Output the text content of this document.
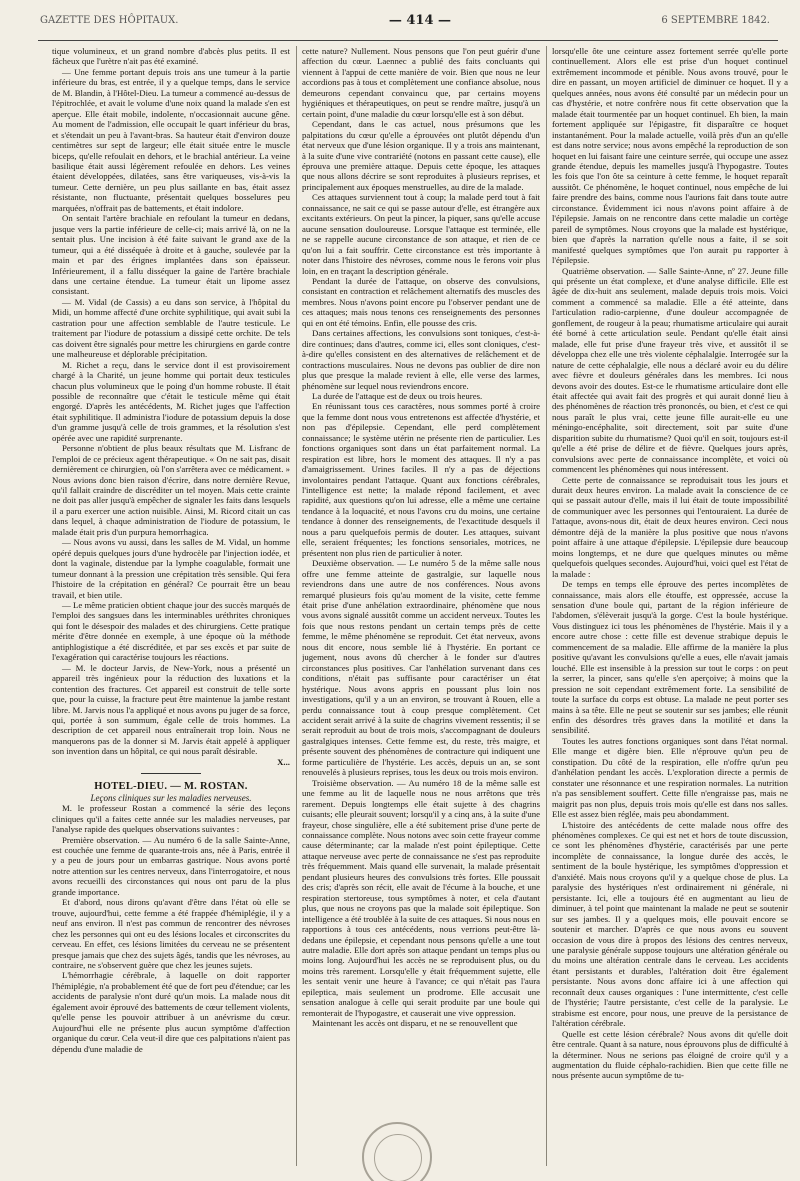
GAZETTE DES HÔPITAUX.	— 414 —	6 SEPTEMBRE 1842.

tique volumineux, et un grand nombre d'abcès plus petits. Il est fâcheux que l'urètre n'ait pas été examiné.

— Une femme portant depuis trois ans une tumeur à la partie inférieure du bras, est entrée, il y a quelque temps, dans le service de M. Blandin, à l'Hôtel-Dieu. La tumeur a commencé au-dessus de l'épitrochlée, et avait le volume d'une noix quand la malade s'en est aperçue. Elle était mobile, indolente, n'occasionnait aucune gêne. Au moment de l'admission, elle occupait le quart inférieur du bras, et s'étendait un peu à l'avant-bras. Sa hauteur était d'environ douze centimètres sur sept de largeur; elle était située entre le muscle biceps, qu'elle refoulait en dehors, et le brachial antérieur. La veine basilique était aussi légèrement refoulée en dehors. Les veines étaient développées, dilatées, sans être variqueuses, vis-à-vis la tumeur. Cette dernière, un peu plus saillante en bas, était assez résistante, non fluctuante, présentait quelques bosselures peu marquées, n'offrait pas de battements, et était indolore.

On sentait l'artère brachiale en refoulant la tumeur en dedans, jusque vers la partie inférieure de celle-ci; mais arrivé là, on ne la sentait plus. Une incision à été faite suivant le grand axe de la tumeur, qui a été disséquée à droite et à gauche, soulevée par la main et par des érignes implantées dans son épaisseur. Inférieurement, il a fallu disséquer la gaine de l'artère brachiale dans une certaine étendue. La tumeur était un lipome assez consistant.

— M. Vidal (de Cassis) a eu dans son service, à l'hôpital du Midi, un homme affecté d'une orchite syphilitique, qui avait subi la castration pour une affection semblable de l'autre testicule. Le traitement par l'iodure de potassium a dissipé cette orchite. De tels cas doivent être signalés pour mettre les chirurgiens en garde contre une malheureuse et déplorable précipitation.

M. Richet a reçu, dans le service dont il est provisoirement chargé à la Charité, un jeune homme qui portait deux testicules chacun plus volumineux que le poing d'un homme robuste. Il était possible de reconnaître que c'était le testicule même qui était engorgé. D'après les antécédents, M. Richet juges que l'affection était syphilitique. Il administra l'iodure de potassium depuis la dose d'un gramme jusqu'à celle de trois grammes, et la résolution s'est opérée avec une rapidité surprenante.

Personne n'obtient de plus beaux résultats que M. Lisfranc de l'emploi de ce précieux agent thérapeutique. « On ne sait pas, disait dernièrement ce chirurgien, où l'on s'arrêtera avec ce médicament. » Nous avions donc bien raison d'écrire, dans notre dernière Revue, qu'il fallait craindre de discréditer un tel moyen. Mais cette crainte ne doit pas aller jusqu'à empêcher de signaler les faits dans lesquels il a paru exercer une action nuisible. Ainsi, M. Ricord citait un cas dans lequel, à chaque administration de l'iodure de potassium, le malade était pris d'un purpura hemorrhagica.

— Nous avons vu aussi, dans les salles de M. Vidal, un homme opéré depuis quelques jours d'une hydrocèle par l'injection iodée, et dont la vaginale, distendue par la lymphe coagulable, formait une tumeur donnant à la pression une crépitation très sensible. Qui fera l'histoire de la crépitation en général? Ce pourrait être un beau travail, et bien utile.

— Le même praticien obtient chaque jour des succès marqués de l'emploi des sangsues dans les interminables uréthrites chroniques qui font le désespoir des malades et des chirurgiens. Cette pratique mérite d'être donnée en exemple, à une époque où la méthode antiphlogistique a été discréditée, et par ses excès et par suite de l'exagération qui caractérise toujours les réactions.

— M. le docteur Jarvis, de New-York, nous a présenté un appareil très ingénieux pour la réduction des luxations et la contention des fractures. Cet appareil est construit de telle sorte que, pour la cuisse, la fracture peut être maintenue la jambe restant libre. M. Jarvis nous l'a appliqué et nous avons pu juger de sa force, qui, portée à son summum, égale celle de trois hommes. La description de cet appareil nous entraînerait trop loin. Nous ne manquerons pas de la donner si M. Jarvis était appelé à appliquer son invention dans un hôpital, ce qui nous paraît désirable.

X...

HOTEL-DIEU. — M. ROSTAN.

Leçons cliniques sur les maladies nerveuses.

M. le professeur Rostan a commencé la série des leçons cliniques qu'il a faites cette année sur les maladies nerveuses, par l'analyse rapide des quelques observations suivantes :

Première observation. — Au numéro 6 de la salle Sainte-Anne, est couchée une femme de quarante-trois ans, née à Paris, entrée il y a peu de jours pour un embarras gastrique. Nous avons porté notre attention sur les centres nerveux, dans l'interrogatoire, et nous avons recueilli des circonstances qui nous ont paru de la plus grande importance.

Et d'abord, nous dirons qu'avant d'être dans l'état où elle se trouve, aujourd'hui, cette femme a été frappée d'hémiplégie, il y a neuf ans environ. Il n'est pas commun de rencontrer des névroses chez les personnes qui ont eu des lésions locales et circonscrites du cerveau. En effet, ces lésions limitées du cerveau ne se présentent presque jamais que chez des sujets âgés, tandis que les névroses, au contraire, ne s'observent guère que chez les jeunes sujets.

L'hémorrhagie cérébrale, à laquelle on doit rapporter l'hémiplégie, n'a probablement été que de fort peu d'étendue; car les accidents de paralysie n'ont duré qu'un mois. La malade nous dit également avoir éprouvé des battements de cœur tellement violents, qu'elle pense les pouvoir attribuer à un anévrisme du cœur. Aujourd'hui elle ne présente plus aucun symptôme d'affection organique du cœur. Cela veut-il dire que ces palpitations n'aient pas dépendu d'une maladie de

cette nature? Nullement. Nous pensons que l'on peut guérir d'une affection du cœur. Laennec a publié des faits concluants qui viennent à l'appui de cette manière de voir. Bien que nous ne leur accordions pas à tous et complètement une confiance absolue, nous demeurons cependant convaincu que, par certains moyens hygiéniques et thérapeutiques, on peut se rendre maître, jusqu'à un certain point, d'une maladie du cœur lorsqu'elle est à son début.

Cependant, dans le cas actuel, nous présumons que les palpitations du cœur qu'elle a éprouvées ont plutôt dépendu d'un état nerveux que d'une lésion organique. Il y a trois ans maintenant, à la suite d'une vive contrariété (notons en passant cette cause), elle éprouva une première attaque. Depuis cette époque, les attaques que nous allons décrire se sont reproduites à plusieurs reprises, et principalement aux époques menstruelles, au dire de la malade.

Ces attaques surviennent tout à coup; la malade perd tout à fait connaissance, ne sait ce qui se passe autour d'elle, est étrangère aux excitants extérieurs. On peut la pincer, la piquer, sans qu'elle accuse aucune sensation douloureuse. Lorsque l'attaque est terminée, elle ne se rappelle aucune circonstance de son attaque, et rien de ce qu'on lui a fait souffrir. Cette circonstance est très importante à noter dans l'histoire des névroses, comme nous le ferons voir plus loin, en en traçant la description générale.

Pendant la durée de l'attaque, on observe des convulsions, consistant en contraction et relâchement alternatifs des muscles des membres. Nous n'avons point encore pu l'observer pendant une de ces attaques; mais nous tenons ces renseignements des personnes qui en ont été témoins. Enfin, elle pousse des cris.

Dans certaines affections, les convulsions sont toniques, c'est-à-dire continues; dans d'autres, comme ici, elles sont cloniques, c'est-à-dire qu'elles consistent en des alternatives de relâchement et de contractions musculaires. Nous ne devons pas oublier de dire non plus que presque la malade revient à elle, elle verse des larmes, phénomène sur lequel nous reviendrons encore.

La durée de l'attaque est de deux ou trois heures.

En réunissant tous ces caractères, nous sommes porté à croire que la femme dont nous vous entretenons est affectée d'hystérie, et non pas d'épilepsie. Cependant, elle perd complètement connaissance; le système utérin ne présente rien de particulier. Les fonctions organiques sont dans un état parfaitement normal. La respiration est libre, hors le moment des attaques. Il n'y a pas d'amaigrissement. Urines faciles. Il n'y a pas de déjections involontaires pendant l'attaque. Quant aux fonctions cérébrales, l'intelligence est nette; la malade répond facilement, et avec rapidité, aux questions qu'on lui adresse, elle a même une certaine tendance à la loquacité, et nous l'avons cru du moins, une certaine tendance à donner des renseignements, de l'exactitude desquels il nous a paru quelquefois permis de douter. Les attaques, suivant elle, seraient fréquentes; les fonctions sensoriales, motrices, ne présentent non plus rien de particulier à noter.

Deuxième observation. — Le numéro 5 de la même salle nous offre une femme atteinte de gastralgie, sur laquelle nous reviendrons dans une autre de nos conférences. Nous avons remarqué plusieurs fois qu'au moment de la visite, cette femme était prise d'une anhélation extraordinaire, phénomène que nous vous avons signalé aussitôt comme un accident nerveux. Toutes les fois que nous restons pendant un certain temps près de cette femme, le même phénomène se reproduit. Cet état nerveux, avons nous dit encore, nous semble lié à l'hystérie. En portant ce jugement, nous avons dû chercher à le fonder sur d'autres circonstances plus positives. Car l'anhélation survenant dans ces conditions, n'était pas suffisante pour caractériser un état hystérique. Nous avons appris en poussant plus loin nos investigations, qu'il y a un an environ, se trouvant à Rouen, elle a perdu connaissance tout à coup presque complètement. Cet accident serait arrivé à la suite de chagrins vivement ressentis; il se serait reproduit au bout de trois mois, s'accompagnant de douleurs gastralgiques intenses. Cette femme est, du reste, très maigre, et présente souvent des phénomènes de contracture qui indiquent une forme particulière de l'hystérie. Les accès, depuis un an, se sont renouvelés à plusieurs reprises, tous les deux ou trois mois environ.

Troisième observation. — Au numéro 18 de la même salle est une femme au lit de laquelle nous ne nous arrêtons que très rarement. Depuis longtemps elle était sujette à des chagrins cuisants; elle pleurait souvent; lorsqu'il y a cinq ans, à la suite d'une frayeur, chose singulière, elle a été subitement prise d'une perte de connaissance complète. Nous notons avec soin cette frayeur comme cause déterminante; car la malade n'est point épileptique. Cette attaque nerveuse avec perte de connaissance ne s'est pas reproduite très fréquemment. Mais quand elle survenait, la malade présentait pendant plusieurs heures des convulsions très fortes. Elle poussait des cris; d'après son récit, elle avait de l'écume à la bouche, et une respiration stertoreuse, tous symptômes à noter, et cela d'autant plus, que nous ne croyons pas que la malade soit épileptique. Son intelligence a été troublée à la suite de ces attaques. Si nous nous en rapportions à tous ces antécédents, nous verrions peut-être là-dedans une épilepsie, et cependant nous pensons qu'elle a une tout autre maladie. Elle dort après son attaque pendant un temps plus ou moins long. Aujourd'hui les accès ne se reproduisent plus, ou du moins très rarement. Lorsqu'elle y était fréquemment sujette, elle les sentait venir une heure à l'avance; ce qui n'était pas l'aura epileptica, mais seulement un prodrome. Elle accusait une sensation analogue à celle qui serait produite par une boule qui remonterait de l'hypogastre, et causerait une vive oppression.

Maintenant les accès ont disparu, et ne se renouvellent que

lorsqu'elle ôte une ceinture assez fortement serrée qu'elle porte continuellement. Alors elle est prise d'un hoquet continuel extrêmement incommode et pénible. Nous avons trouvé, pour le dire en passant, un moyen artificiel de diminuer ce hoquet. Il y a quelques années, nous avons été consulté par un médecin pour un cas d'hystérie, et notre confrère nous fit cette observation que la malade était tourmentée par un hoquet continuel. Eh bien, la main fortement appliquée sur l'épigastre, fit disparaître ce hoquet instantanément. Pour la malade actuelle, voilà près d'un an qu'elle est dans notre service; nous avons empêché la reproduction de son hoquet en lui faisant faire une ceinture serrée, qui occupe une assez grande étendue, depuis les mamelles jusqu'à l'hypogastre. Toutes les fois que l'on ôte sa ceinture à cette femme, le hoquet reparaît aussitôt. Ce phénomène, le hoquet continuel, nous empêche de lui faire prendre des bains, comme nous l'aurions fait dans toute autre circonstance. Évidemment ici nous n'avons point affaire à de l'épilepsie. Jamais on ne rencontre dans cette maladie un cortège pareil de symptômes. Nous croyons que la malade est hystérique, bien que d'après la narration qu'elle nous a faite, il se soit manifesté quelques symptômes que l'on aurait pu rapporter à l'épilepsie.

Quatrième observation. — Salle Sainte-Anne, nº 27. Jeune fille qui présente un état complexe, et d'une analyse difficile. Elle est âgée de dix-huit ans seulement, malade depuis trois mois. Voici comment a commencé sa maladie. Elle a été atteinte, dans l'articulation radio-carpienne, d'une douleur accompagnée de gonflement, de rougeur à la peau; rhumatisme articulaire qui aurait été borné à cette articulation seule. Pendant qu'elle était ainsi malade, elle fut prise d'une frayeur très vive, et aussitôt il se développa chez elle une très violente céphalalgie. Interrogée sur la nature de cette céphalalgie, elle nous a déclaré avoir eu du délire avec fièvre et douleurs générales dans les membres. Ici nous devons avoir des doutes. Est-ce le rhumatisme articulaire dont elle était affectée qui avait fait des progrès et qui aurait donné lieu à des phénomènes de réaction très prononcés, ou bien, et c'est ce qui nous paraît le plus vrai, cette jeune fille aurait-elle eu une méningo-encéphalite, soit directement, soit par suite d'une disparition subite du rhumatisme? Quoi qu'il en soit, toujours est-il qu'elle a été prise de délire et de fièvre. Quelques jours après, convulsions avec perte de connaissance incomplète, et voici où commencent les phénomènes qui nous intéressent.

Cette perte de connaissance se reproduisait tous les jours et durait deux heures environ. La malade avait la conscience de ce qui se passait autour d'elle, mais il lui était de toute impossibilité de communiquer avec les personnes qui l'entouraient. La durée de l'attaque, avons-nous dit, était de deux heures environ. Ceci nous démontre déjà de la manière la plus positive que nous n'avons point affaire à une attaque d'épilepsie. L'épilepsie dure beaucoup moins longtemps, et ne dure que quelques minutes ou même quelquefois quelques secondes. Aujourd'hui, voici quel est l'état de la malade :

De temps en temps elle éprouve des pertes incomplètes de connaissance, mais alors elle étouffe, est oppressée, accuse la sensation d'une boule qui, partant de la région inférieure de l'abdomen, s'élèverait jusqu'à la gorge. C'est la boule hystérique. Vous distinguez ici tous les phénomènes de l'hystérie. Mais il y a encore autre chose : cette fille est devenue strabique depuis le commencement de sa maladie. Elle affirme de la manière la plus positive qu'avant les convulsions qu'elle a eues, elle n'avait jamais louché. Elle est insensible à la pression sur tout le corps : on peut la serrer, la pincer, sans qu'elle s'en aperçoive; à moins que la pression ne soit cependant extrêmement forte. La sensibilité de toute la surface du corps est obtuse. La malade ne peut porter ses mains à sa tête. Elle ne peut se soutenir sur ses jambes; elle réunit enfin des désordres très graves dans la motilité et dans la sensibilité.

Toutes les autres fonctions organiques sont dans l'état normal. Elle mange et digère bien. Elle n'éprouve qu'un peu de constipation. Du côté de la respiration, elle n'offre qu'un peu d'anhélation pendant les accès. L'exploration directe a permis de constater une résonnance et une respiration normales. La nutrition n'a pas sensiblement souffert. Cette fille n'engraisse pas, mais ne maigrit pas non plus, depuis trois mois qu'elle est dans nos salles. Elle est assez bien réglée, mais peu abondamment.

L'histoire des antécédents de cette malade nous offre des phénomènes complexes. Ce qui est net et hors de toute discussion, ce sont les phénomènes d'hystérie, caractérisés par une perte incomplète de connaissance, la longue durée des accès, le sentiment de la boule hystérique, les symptômes d'oppression et d'anxiété. Mais nous croyons qu'il y a quelque chose de plus. La paralysie des hystériques n'est ordinairement ni générale, ni persistante. Ici, elle a toujours été en augmentant au lieu de diminuer, à tel point que maintenant la malade ne peut se soutenir sur ses jambes. Il y a quelques mois, elle pouvait encore se soutenir et marcher. D'après ce que nous avons eu souvent occasion de vous dire à propos des lésions des centres nerveux, une paralysie générale suppose toujours une altération générale ou du moins une altération centrale dans le cerveau. Les accidents étant persistants et durables, l'altération doit être également persistante. Nous avons donc affaire ici à une affection qui reconnaît deux causes organiques : l'une intermittente, c'est celle de l'hystérie; l'autre persistante, c'est celle de la paralysie. Le strabisme est encore, pour nous, une preuve de la persistance de l'altération cérébrale.

Quelle est cette lésion cérébrale? Nous avons dit qu'elle doit être centrale. Quant à sa nature, nous éprouvons plus de difficulté à la déterminer. Nous ne serions pas éloigné de croire qu'il y a augmentation du fluide céphalo-rachidien. Bien que cette fille ne nous présente aucun symptôme de tu-
